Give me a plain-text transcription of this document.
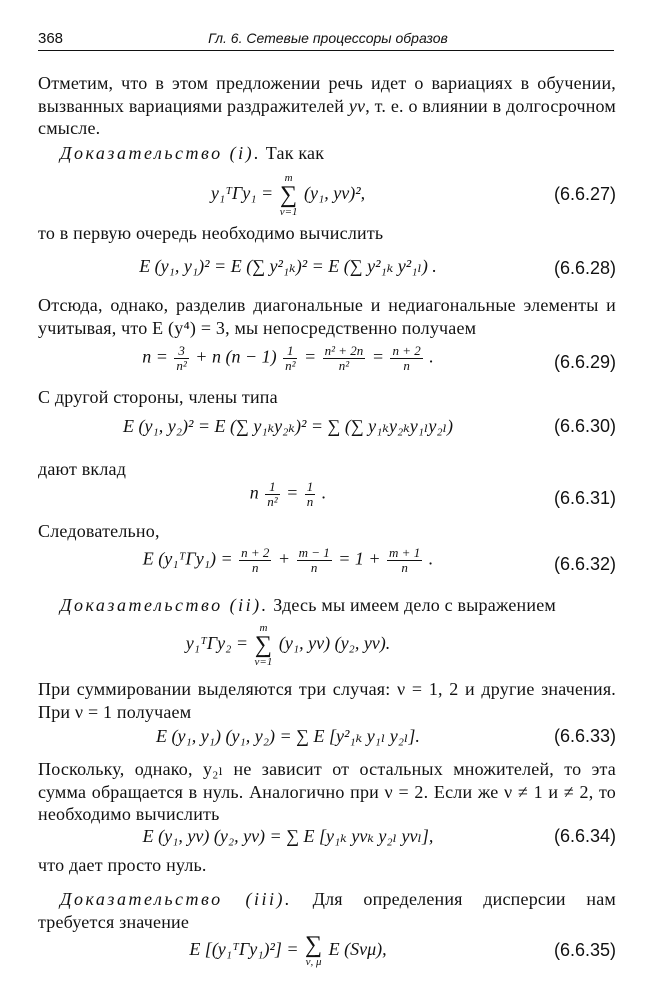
368	Гл. 6. Сетевые процессоры образов
Отметим, что в этом предложении речь идет о вариациях в обучении, вызванных вариациями раздражителей yν, т. е. о влиянии в долгосрочном смысле.
Доказательство (i). Так как
y₁ᵀΓy₁ =
m
∑
ν=1
(y₁, yν)²,	(6.6.27)
то в первую очередь необходимо вычислить
E (y₁, y₁)² = E (∑ y²₁ₖ)² = E (∑ y²₁ₖ y²₁ₗ) .	(6.6.28)
Отсюда, однако, разделив диагональные и недиагональные элементы и учитывая, что E (y⁴) = 3, мы непосредственно получаем
$n = \frac{3}{\text{n²}} + n$ $(n - 1) \frac{1}{\text{n²}} = \frac{\text{n² + 2n}}{\text{n²}} = \frac{n + 2}{n}$ .	(6.6.29)
С другой стороны, члены типа
E (y₁, y₂)² = E (∑ y₁ₖy₂ₖ)² = ∑ (∑ y₁ₖy₂ₖy₁ₗy₂ₗ)	(6.6.30)
дают вклад
n $\frac{1}{\text{n²}} = \frac{1}{n}$ .	(6.6.31)
Следовательно,
E (y₁ᵀΓy₁) = $\frac{n + 2}{n} + \frac{m - 1}{n} = 1 + \frac{m + 1}{n}$ .	(6.6.32)
Доказательство (ii). Здесь мы имеем дело с выражением
y₁ᵀΓy₂ =
m
∑
ν=1
(y₁, yν) (y₂, yν).
При суммировании выделяются три случая: ν = 1, 2 и другие значения. При ν = 1 получаем
E (y₁, y₁) (y₁, y₂) = ∑ E [y²₁ₖ y₁ₗ y₂ₗ].	(6.6.33)
Поскольку, однако, y₂ₗ не зависит от остальных множителей, то эта сумма обращается в нуль. Аналогично при ν = 2. Если же ν ≠ 1 и ≠ 2, то необходимо вычислить
E (y₁, yν) (y₂, yν) = ∑ E [y₁ₖ yνₖ y₂ₗ yνₗ],	(6.6.34)
что дает просто нуль.
Доказательство (iii). Для определения дисперсии нам требуется значение
E [(y₁ᵀΓy₁)²] = ∑
ν, μ
E (Sνμ),	(6.6.35)
